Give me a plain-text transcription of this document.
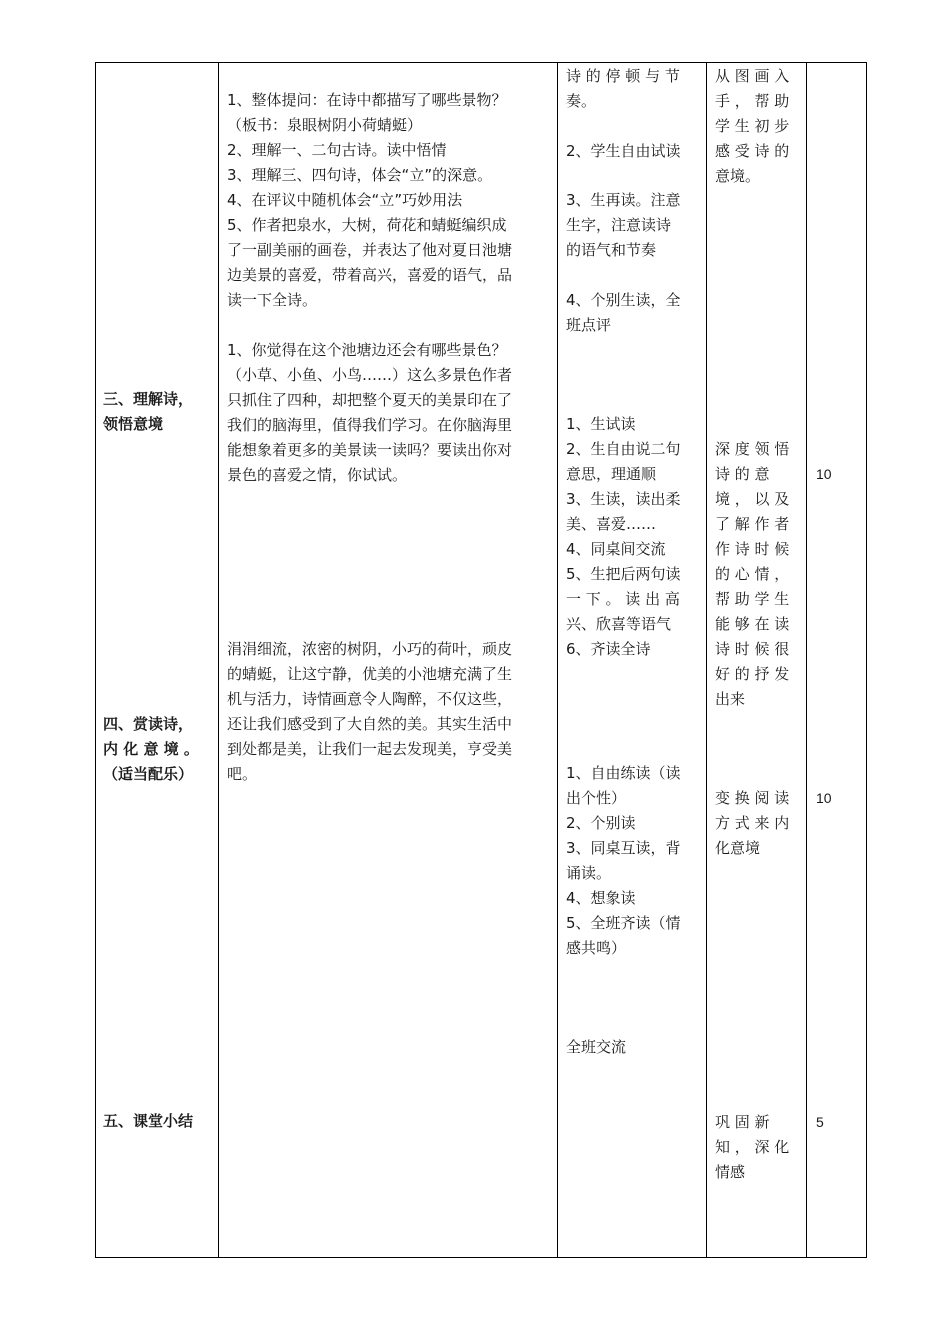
三、理解诗，
领悟意境
四、赏读诗，
内 化 意 境 。
（适当配乐）
五、课堂小结
1、整体提问：在诗中都描写了哪些景物？
（板书：泉眼树阴小荷蜻蜓）
2、理解一、二句古诗。读中悟情
3、理解三、四句诗，体会“立”的深意。
4、在评议中随机体会“立”巧妙用法
5、作者把泉水，大树，荷花和蜻蜓编织成
了一副美丽的画卷，并表达了他对夏日池塘
边美景的喜爱，带着高兴，喜爱的语气，品
读一下全诗。
1、你觉得在这个池塘边还会有哪些景色？
（小草、小鱼、小鸟……）这么多景色作者
只抓住了四种，却把整个夏天的美景印在了
我们的脑海里，值得我们学习。在你脑海里
能想象着更多的美景读一读吗？要读出你对
景色的喜爱之情，你试试。
涓涓细流，浓密的树阴，小巧的荷叶，顽皮
的蜻蜓，让这宁静，优美的小池塘充满了生
机与活力，诗情画意令人陶醉，不仅这些，
还让我们感受到了大自然的美。其实生活中
到处都是美，让我们一起去发现美，亨受美
吧。
诗 的 停 顿 与 节
奏。
2、学生自由试读
3、生再读。注意
生字，注意读诗
的语气和节奏
4、个别生读，全
班点评
1、生试读
2、生自由说二句
意思，理通顺
3、生读，读出柔
美、喜爱……
4、同桌间交流
5、生把后两句读
一 下 。 读 出 高
兴、欣喜等语气
6、齐读全诗
1、自由练读（读
出个性）
2、个别读
3、同桌互读，背
诵读。
4、想象读
5、全班齐读（情
感共鸣）
全班交流
从 图 画 入
手 ， 帮 助
学 生 初 步
感 受 诗 的
意境。
深 度 领 悟
诗 的 意
境 ， 以 及
了 解 作 者
作 诗 时 候
的 心 情 ，
帮 助 学 生
能 够 在 读
诗 时 候 很
好 的 抒 发
出来
变 换 阅 读
方 式 来 内
化意境
巩 固 新
知 ， 深 化
情感
10
10
5
